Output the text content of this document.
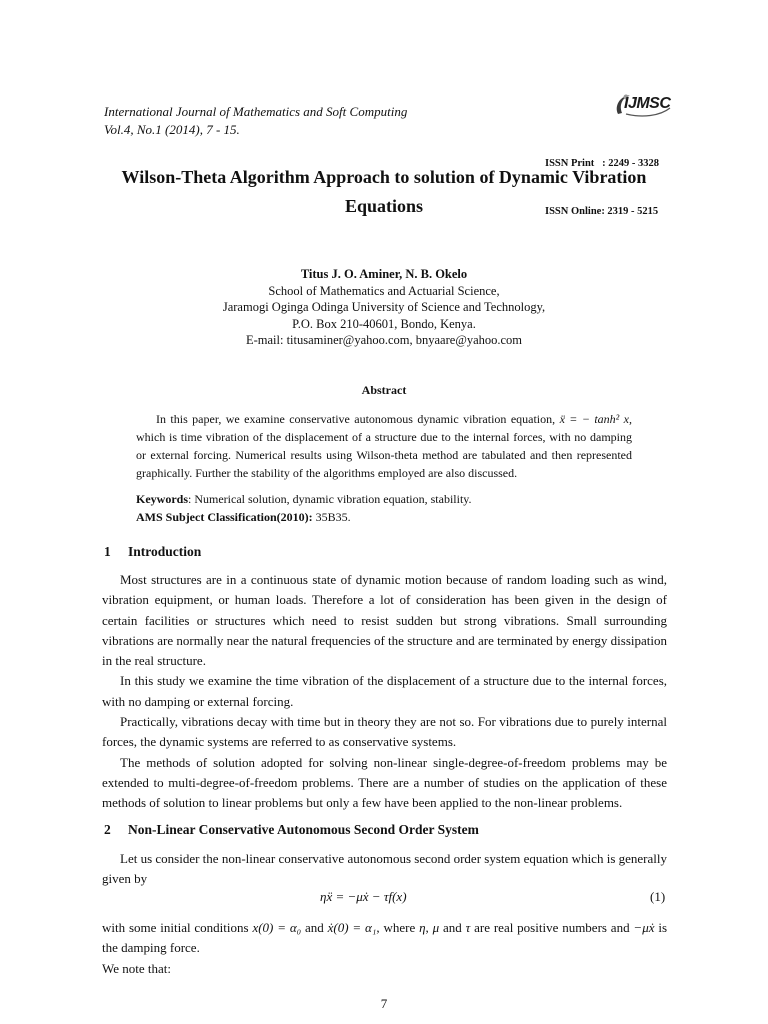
International Journal of Mathematics and Soft Computing
Vol.4, No.1 (2014), 7 - 15.
IJMSC

ISSN Print   : 2249 - 3328

ISSN Online: 2319 - 5215

Wilson-Theta Algorithm Approach to solution of Dynamic Vibration
Equations
Titus J. O. Aminer, N. B. Okelo
School of Mathematics and Actuarial Science,
Jaramogi Oginga Odinga University of Science and Technology,
P.O. Box 210-40601, Bondo, Kenya.
E-mail: titusaminer@yahoo.com, bnyaare@yahoo.com
Abstract

In this paper, we examine conservative autonomous dynamic vibration equation, ẍ = − tanh² x, which is time vibration of the displacement of a structure due to the internal forces, with no damping or external forcing. Numerical results using Wilson-theta method are tabulated and then represented graphically. Further the stability of the algorithms employed are also discussed.

Keywords: Numerical solution, dynamic vibration equation, stability.
AMS Subject Classification(2010): 35B35.
1 Introduction

Most structures are in a continuous state of dynamic motion because of random loading such as wind, vibration equipment, or human loads. Therefore a lot of consideration has been given in the design of certain facilities or structures which need to resist sudden but strong vibrations. Small surrounding vibrations are normally near the natural frequencies of the structure and are terminated by energy dissipation in the real structure.

In this study we examine the time vibration of the displacement of a structure due to the internal forces, with no damping or external forcing.

Practically, vibrations decay with time but in theory they are not so. For vibrations due to purely internal forces, the dynamic systems are referred to as conservative systems.

The methods of solution adopted for solving non-linear single-degree-of-freedom problems may be extended to multi-degree-of-freedom problems. There are a number of studies on the application of these methods of solution to linear problems but only a few have been applied to the non-linear problems.

2 Non-Linear Conservative Autonomous Second Order System

Let us consider the non-linear conservative autonomous second order system equation which is generally given by

ηẍ = −μẋ − τf(x)	(1)

with some initial conditions x(0) = α₀ and ẋ(0) = α₁, where η, μ and τ are real positive numbers and −μẋ is the damping force.

We note that:

7
